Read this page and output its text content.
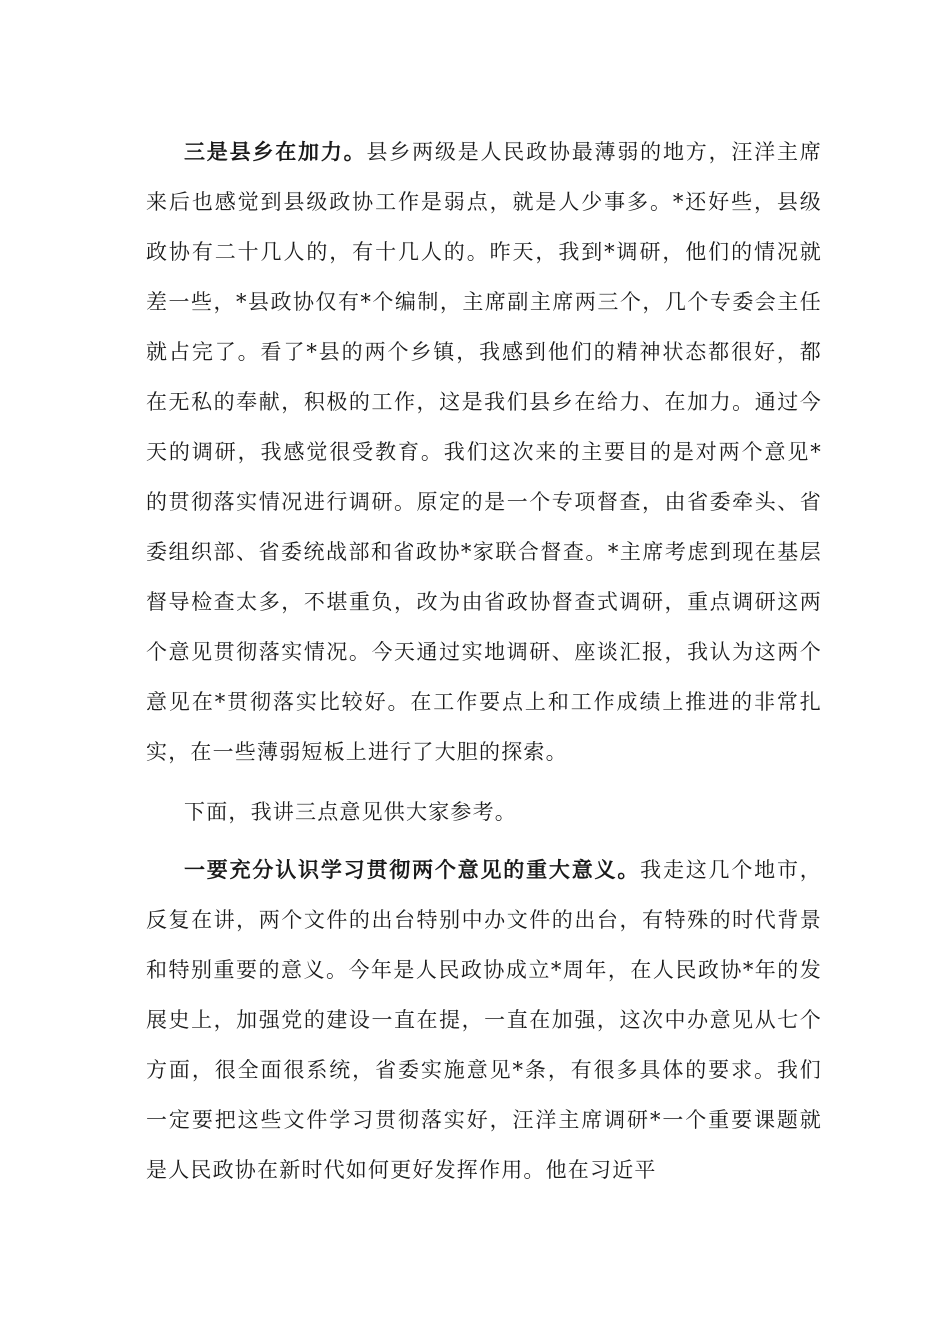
三是县乡在加力。县乡两级是人民政协最薄弱的地方，汪洋主席来后也感觉到县级政协工作是弱点，就是人少事多。*还好些，县级政协有二十几人的，有十几人的。昨天，我到*调研，他们的情况就差一些，*县政协仅有*个编制，主席副主席两三个，几个专委会主任就占完了。看了*县的两个乡镇，我感到他们的精神状态都很好，都在无私的奉献，积极的工作，这是我们县乡在给力、在加力。通过今天的调研，我感觉很受教育。我们这次来的主要目的是对两个意见*的贯彻落实情况进行调研。原定的是一个专项督查，由省委牵头、省委组织部、省委统战部和省政协*家联合督查。*主席考虑到现在基层督导检查太多，不堪重负，改为由省政协督查式调研，重点调研这两个意见贯彻落实情况。今天通过实地调研、座谈汇报，我认为这两个意见在*贯彻落实比较好。在工作要点上和工作成绩上推进的非常扎实，在一些薄弱短板上进行了大胆的探索。

下面，我讲三点意见供大家参考。

一要充分认识学习贯彻两个意见的重大意义。我走这几个地市，反复在讲，两个文件的出台特别中办文件的出台，有特殊的时代背景和特别重要的意义。今年是人民政协成立*周年，在人民政协*年的发展史上，加强党的建设一直在提，一直在加强，这次中办意见从七个方面，很全面很系统，省委实施意见*条，有很多具体的要求。我们一定要把这些文件学习贯彻落实好，汪洋主席调研*一个重要课题就是人民政协在新时代如何更好发挥作用。他在习近平
